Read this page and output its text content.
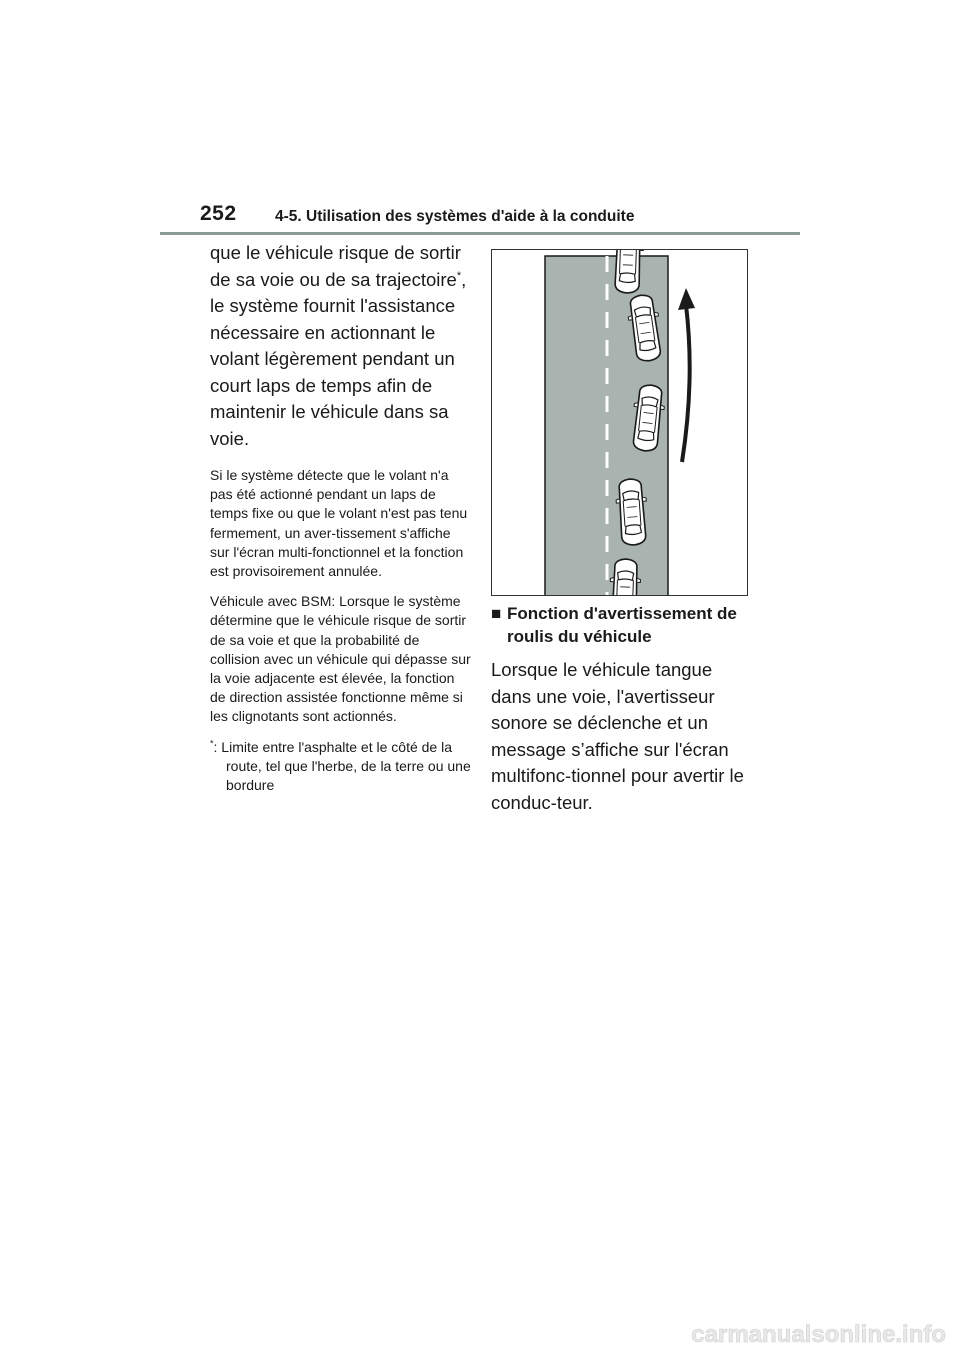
252 4-5. Utilisation des systèmes d'aide à la conduite

que le véhicule risque de sortir de sa voie ou de sa trajectoire*, le système fournit l'assistance nécessaire en actionnant le volant légèrement pendant un court laps de temps afin de maintenir le véhicule dans sa voie.

Si le système détecte que le volant n'a pas été actionné pendant un laps de temps fixe ou que le volant n'est pas tenu fermement, un aver-tissement s'affiche sur l'écran multi-fonctionnel et la fonction est provisoirement annulée.

Véhicule avec BSM: Lorsque le système détermine que le véhicule risque de sortir de sa voie et que la probabilité de collision avec un véhicule qui dépasse sur la voie adjacente est élevée, la fonction de direction assistée fonctionne même si les clignotants sont actionnés.

*: Limite entre l'asphalte et le côté de la route, tel que l'herbe, de la terre ou une bordure

■ Fonction d'avertissement de roulis du véhicule

Lorsque le véhicule tangue dans une voie, l'avertisseur sonore se déclenche et un message s’affiche sur l'écran multifonc-tionnel pour avertir le conduc-teur.

carmanualsonline.info
